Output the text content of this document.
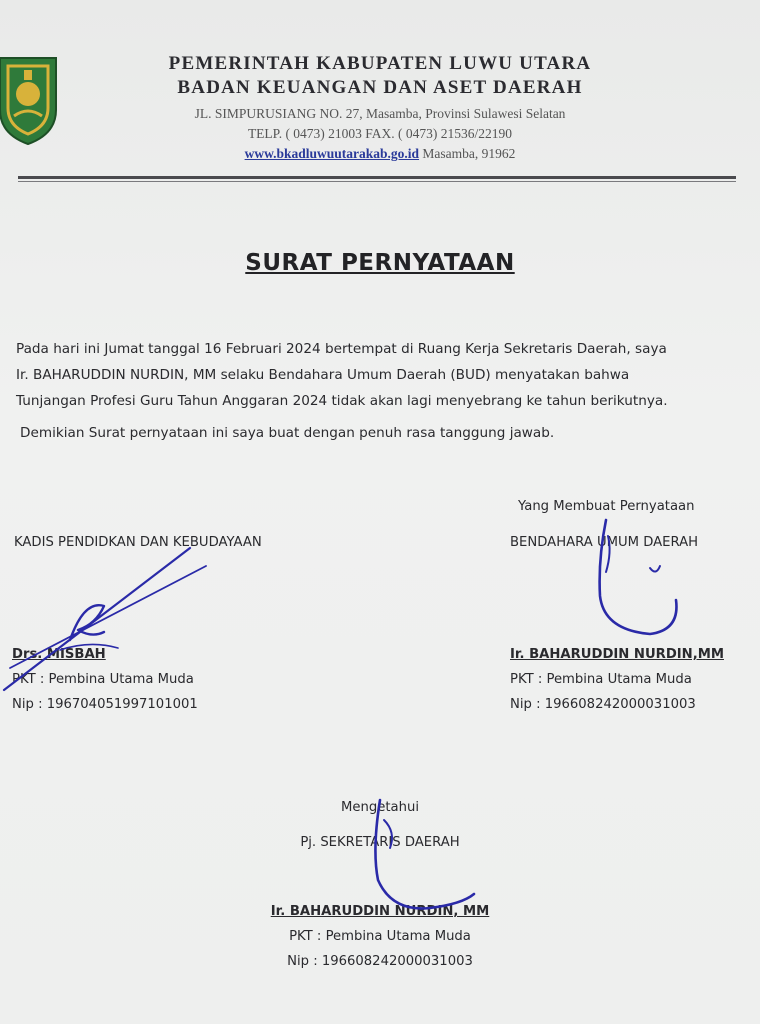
PEMERINTAH KABUPATEN LUWU UTARA
BADAN KEUANGAN DAN ASET DAERAH
JL. SIMPURUSIANG NO. 27, Masamba, Provinsi Sulawesi Selatan
TELP. ( 0473) 21003 FAX. ( 0473) 21536/22190
www.bkadluwuutarakab.go.id Masamba, 91962
SURAT PERNYATAAN

Pada hari ini Jumat tanggal 16 Februari 2024 bertempat di Ruang Kerja Sekretaris Daerah, saya

Ir. BAHARUDDIN NURDIN, MM selaku Bendahara Umum Daerah (BUD) menyatakan bahwa

Tunjangan Profesi Guru Tahun Anggaran 2024 tidak akan lagi menyebrang ke tahun berikutnya.

Demikian Surat pernyataan ini saya buat dengan penuh rasa tanggung jawab.

Yang Membuat Pernyataan
KADIS PENDIDKAN DAN KEBUDAYAAN	BENDAHARA UMUM DAERAH
Drs. MISBAH
PKT : Pembina Utama Muda
Nip : 196704051997101001
Ir. BAHARUDDIN NURDIN,MM
PKT : Pembina Utama Muda
Nip : 196608242000031003
Mengetahui
Pj. SEKRETARIS DAERAH
Ir. BAHARUDDIN NURDIN, MM
PKT : Pembina Utama Muda
Nip : 196608242000031003
